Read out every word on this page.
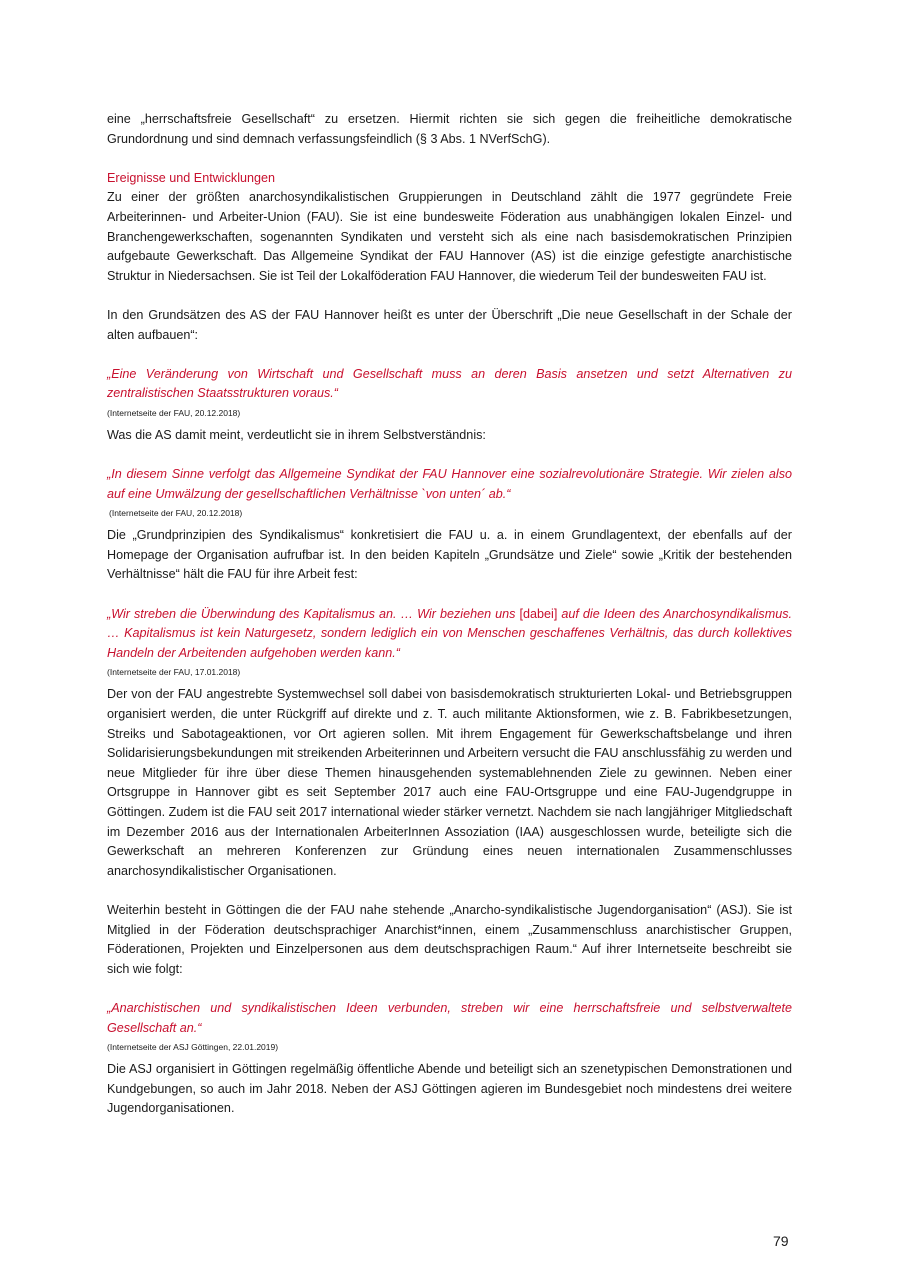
eine „herrschaftsfreie Gesellschaft“ zu ersetzen. Hiermit richten sie sich gegen die freiheitliche demokratische Grundordnung und sind demnach verfassungsfeindlich (§ 3 Abs. 1 NVerfSchG).

Ereignisse und Entwicklungen

Zu einer der größten anarchosyndikalistischen Gruppierungen in Deutschland zählt die 1977 gegründete Freie Arbeiterinnen- und Arbeiter-Union (FAU). Sie ist eine bundesweite Föderation aus unabhängigen lokalen Einzel- und Branchengewerkschaften, sogenannten Syndikaten und versteht sich als eine nach basisdemokratischen Prinzipien aufgebaute Gewerkschaft. Das Allgemeine Syndikat der FAU Hannover (AS) ist die einzige gefestigte anarchistische Struktur in Niedersachsen. Sie ist Teil der Lokalföderation FAU Hannover, die wiederum Teil der bundesweiten FAU ist.

In den Grundsätzen des AS der FAU Hannover heißt es unter der Überschrift „Die neue Gesellschaft in der Schale der alten aufbauen“:

„Eine Veränderung von Wirtschaft und Gesellschaft muss an deren Basis ansetzen und setzt Alternativen zu zentralistischen Staatsstrukturen voraus.“

(Internetseite der FAU, 20.12.2018)

Was die AS damit meint, verdeutlicht sie in ihrem Selbstverständnis:

„In diesem Sinne verfolgt das Allgemeine Syndikat der FAU Hannover eine sozialrevolutionäre Strategie. Wir zielen also auf eine Umwälzung der gesellschaftlichen Verhältnisse `von unten´ ab.“

(Internetseite der FAU, 20.12.2018)

Die „Grundprinzipien des Syndikalismus“ konkretisiert die FAU u. a. in einem Grundlagentext, der ebenfalls auf der Homepage der Organisation aufrufbar ist. In den beiden Kapiteln „Grundsätze und Ziele“ sowie „Kritik der bestehenden Verhältnisse“ hält die FAU für ihre Arbeit fest:

„Wir streben die Überwindung des Kapitalismus an. … Wir beziehen uns [dabei] auf die Ideen des Anarchosyndikalismus. … Kapitalismus ist kein Naturgesetz, sondern lediglich ein von Menschen geschaffenes Verhältnis, das durch kollektives Handeln der Arbeitenden aufgehoben werden kann.“

(Internetseite der FAU, 17.01.2018)

Der von der FAU angestrebte Systemwechsel soll dabei von basisdemokratisch strukturierten Lokal- und Betriebsgruppen organisiert werden, die unter Rückgriff auf direkte und z. T. auch militante Aktionsformen, wie z. B. Fabrikbesetzungen, Streiks und Sabotageaktionen, vor Ort agieren sollen. Mit ihrem Engagement für Gewerkschaftsbelange und ihren Solidarisierungsbekundungen mit streikenden Arbeiterinnen und Arbeitern versucht die FAU anschlussfähig zu werden und neue Mitglieder für ihre über diese Themen hinausgehenden systemablehnenden Ziele zu gewinnen. Neben einer Ortsgruppe in Hannover gibt es seit September 2017 auch eine FAU-Ortsgruppe und eine FAU-Jugendgruppe in Göttingen. Zudem ist die FAU seit 2017 international wieder stärker vernetzt. Nachdem sie nach langjähriger Mitgliedschaft im Dezember 2016 aus der Internationalen ArbeiterInnen Assoziation (IAA) ausgeschlossen wurde, beteiligte sich die Gewerkschaft an mehreren Konferenzen zur Gründung eines neuen internationalen Zusammenschlusses anarchosyndikalistischer Organisationen.

Weiterhin besteht in Göttingen die der FAU nahe stehende „Anarcho-syndikalistische Jugendorganisation“ (ASJ). Sie ist Mitglied in der Föderation deutschsprachiger Anarchist*innen, einem „Zusammenschluss anarchistischer Gruppen, Föderationen, Projekten und Einzelpersonen aus dem deutschsprachigen Raum.“ Auf ihrer Internetseite beschreibt sie sich wie folgt:

„Anarchistischen und syndikalistischen Ideen verbunden, streben wir eine herrschaftsfreie und selbstverwaltete Gesellschaft an.“

(Internetseite der ASJ Göttingen, 22.01.2019)

Die ASJ organisiert in Göttingen regelmäßig öffentliche Abende und beteiligt sich an szenetypischen Demonstrationen und Kundgebungen, so auch im Jahr 2018. Neben der ASJ Göttingen agieren im Bundesgebiet noch mindestens drei weitere Jugendorganisationen.

79
